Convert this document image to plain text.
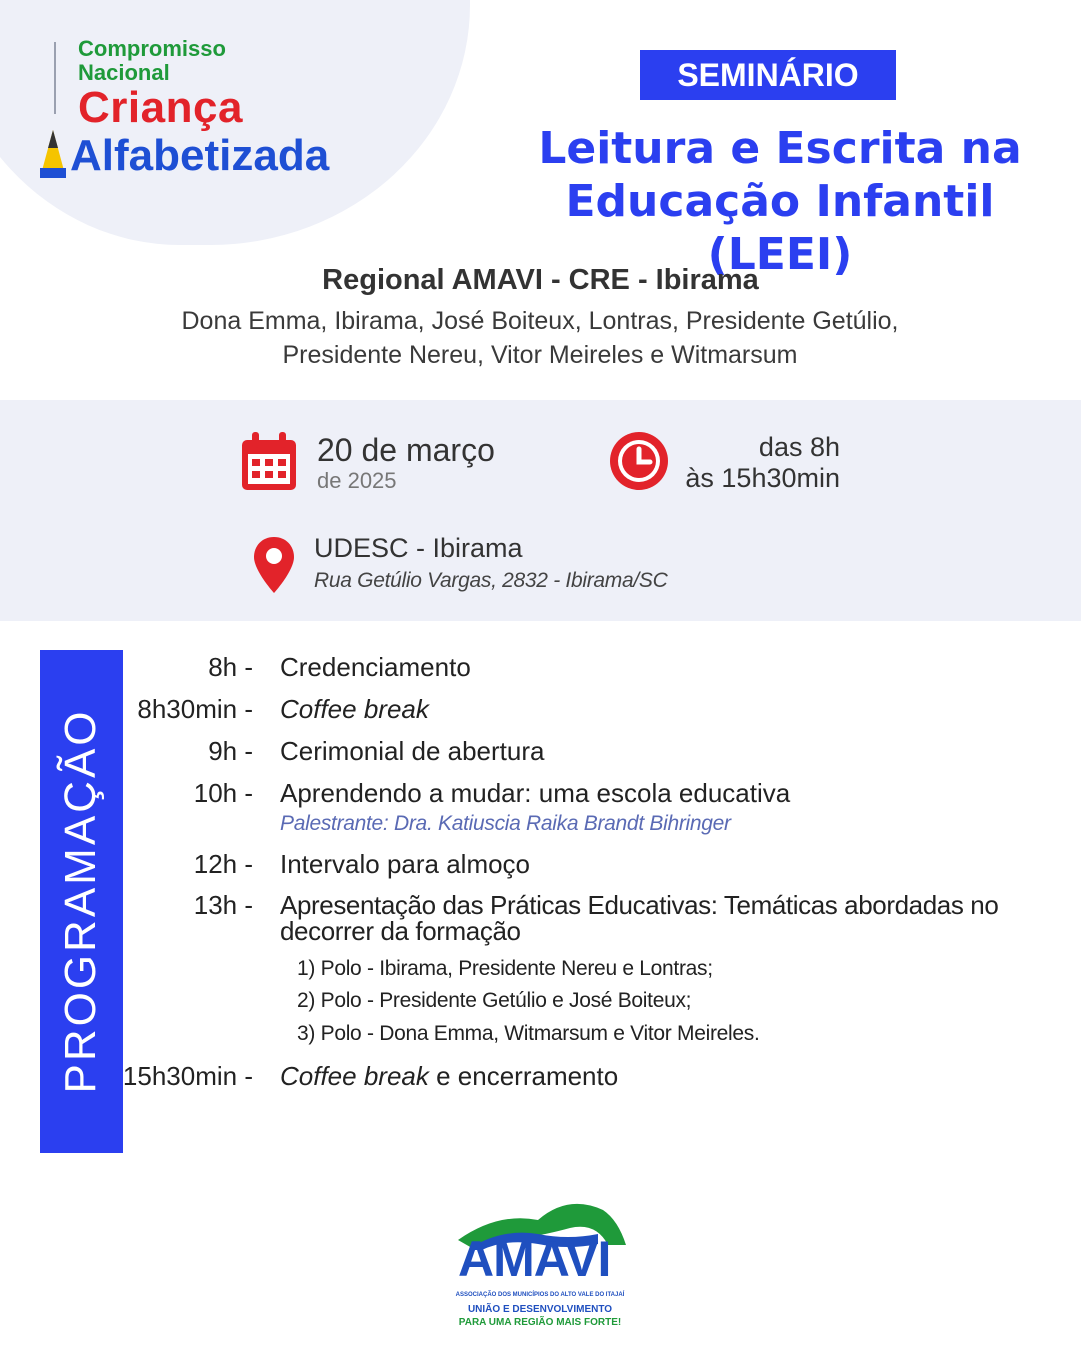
Compromisso
Nacional
Criança
Alfabetizada
SEMINÁRIO
Leitura e Escrita na
Educação Infantil (LEEI)
Regional AMAVI - CRE - Ibirama
Dona Emma, Ibirama, José Boiteux, Lontras, Presidente Getúlio,
Presidente Nereu, Vitor Meireles e Witmarsum
20 de março
de 2025
das 8h
às 15h30min
UDESC - Ibirama
Rua Getúlio Vargas, 2832 - Ibirama/SC
PROGRAMAÇÃO
8h - Credenciamento
8h30min - Coffee break
9h - Cerimonial de abertura
10h - Aprendendo a mudar: uma escola educativa
Palestrante: Dra. Katiuscia Raika Brandt Bihringer
12h - Intervalo para almoço
13h - Apresentação das Práticas Educativas: Temáticas abordadas no decorrer da formação
1) Polo - Ibirama, Presidente Nereu e Lontras;
2) Polo - Presidente Getúlio e José Boiteux;
3) Polo - Dona Emma, Witmarsum e Vitor Meireles.
15h30min - Coffee break e encerramento
AMAVI
ASSOCIAÇÃO DOS MUNICÍPIOS DO ALTO VALE DO ITAJAÍ
UNIÃO E DESENVOLVIMENTO
PARA UMA REGIÃO MAIS FORTE!
